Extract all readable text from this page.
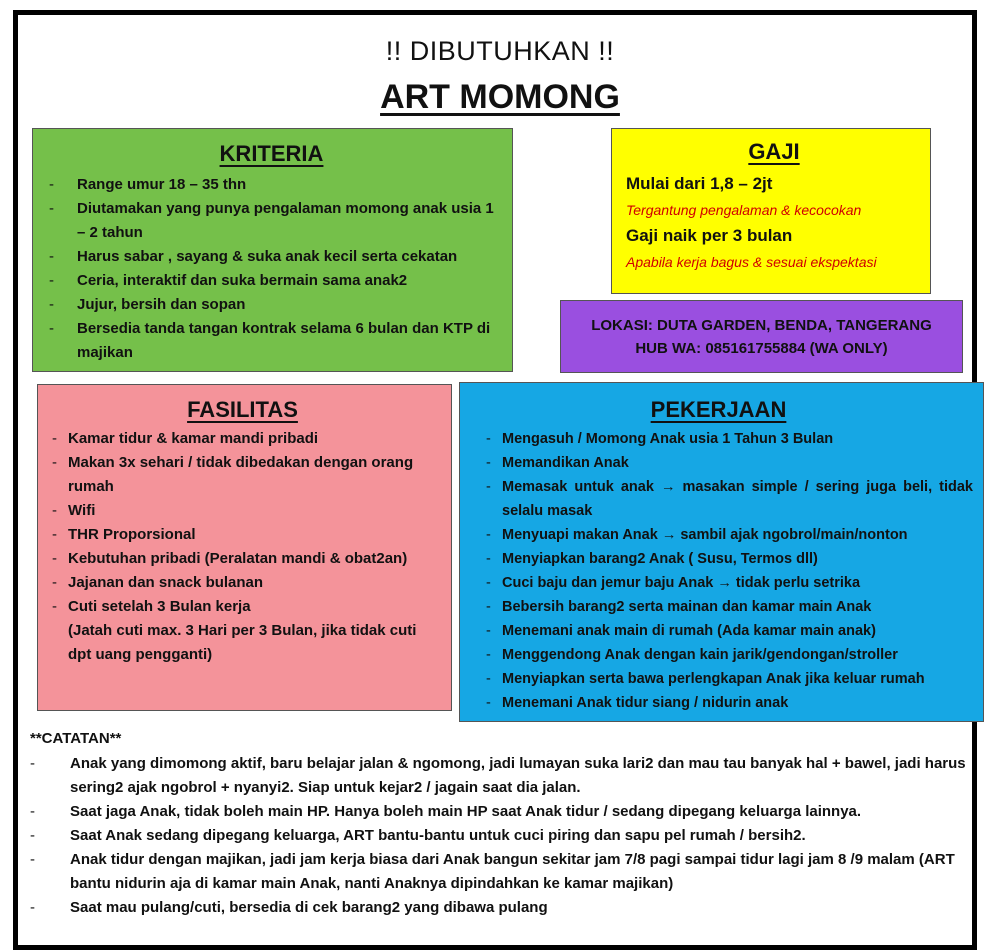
!! DIBUTUHKAN !!
ART MOMONG
KRITERIA
- Range umur 18 – 35 thn
- Diutamakan yang punya pengalaman momong anak usia 1 – 2 tahun
- Harus sabar , sayang & suka anak kecil serta cekatan
- Ceria, interaktif dan suka bermain sama anak2
- Jujur, bersih dan sopan
- Bersedia tanda tangan kontrak selama 6 bulan dan KTP di majikan
GAJI
Mulai dari 1,8 – 2jt
Tergantung pengalaman & kecocokan
Gaji naik per 3 bulan
Apabila kerja bagus & sesuai ekspektasi
LOKASI: DUTA GARDEN, BENDA, TANGERANG
HUB WA: 085161755884 (WA ONLY)
FASILITAS
- Kamar tidur & kamar mandi pribadi
- Makan 3x sehari / tidak dibedakan dengan orang rumah
- Wifi
- THR Proporsional
- Kebutuhan pribadi (Peralatan mandi & obat2an)
- Jajanan dan snack bulanan
- Cuti setelah 3 Bulan kerja
(Jatah cuti max. 3 Hari per 3 Bulan, jika tidak cuti dpt uang pengganti)
PEKERJAAN
- Mengasuh / Momong Anak usia 1 Tahun 3 Bulan
- Memandikan Anak
- Memasak untuk anak → masakan simple / sering juga beli, tidak selalu masak
- Menyuapi makan Anak → sambil ajak ngobrol/main/nonton
- Menyiapkan barang2 Anak ( Susu, Termos dll)
- Cuci baju dan jemur baju Anak → tidak perlu setrika
- Bebersih barang2 serta mainan dan kamar main Anak
- Menemani anak main di rumah (Ada kamar main anak)
- Menggendong Anak dengan kain jarik/gendongan/stroller
- Menyiapkan serta bawa perlengkapan Anak jika keluar rumah
- Menemani Anak tidur siang / nidurin anak
**CATATAN**
- Anak yang dimomong aktif, baru belajar jalan & ngomong, jadi lumayan suka lari2 dan mau tau banyak hal + bawel, jadi harus sering2 ajak ngobrol + nyanyi2. Siap untuk kejar2 / jagain saat dia jalan.
- Saat jaga Anak, tidak boleh main HP. Hanya boleh main HP saat Anak tidur / sedang dipegang keluarga lainnya.
- Saat Anak sedang dipegang keluarga, ART bantu-bantu untuk cuci piring dan sapu pel rumah / bersih2.
- Anak tidur dengan majikan, jadi jam kerja biasa dari Anak bangun sekitar jam 7/8 pagi sampai tidur lagi jam 8 /9 malam (ART bantu nidurin aja di kamar main Anak, nanti Anaknya dipindahkan ke kamar majikan)
- Saat mau pulang/cuti, bersedia di cek barang2 yang dibawa pulang
